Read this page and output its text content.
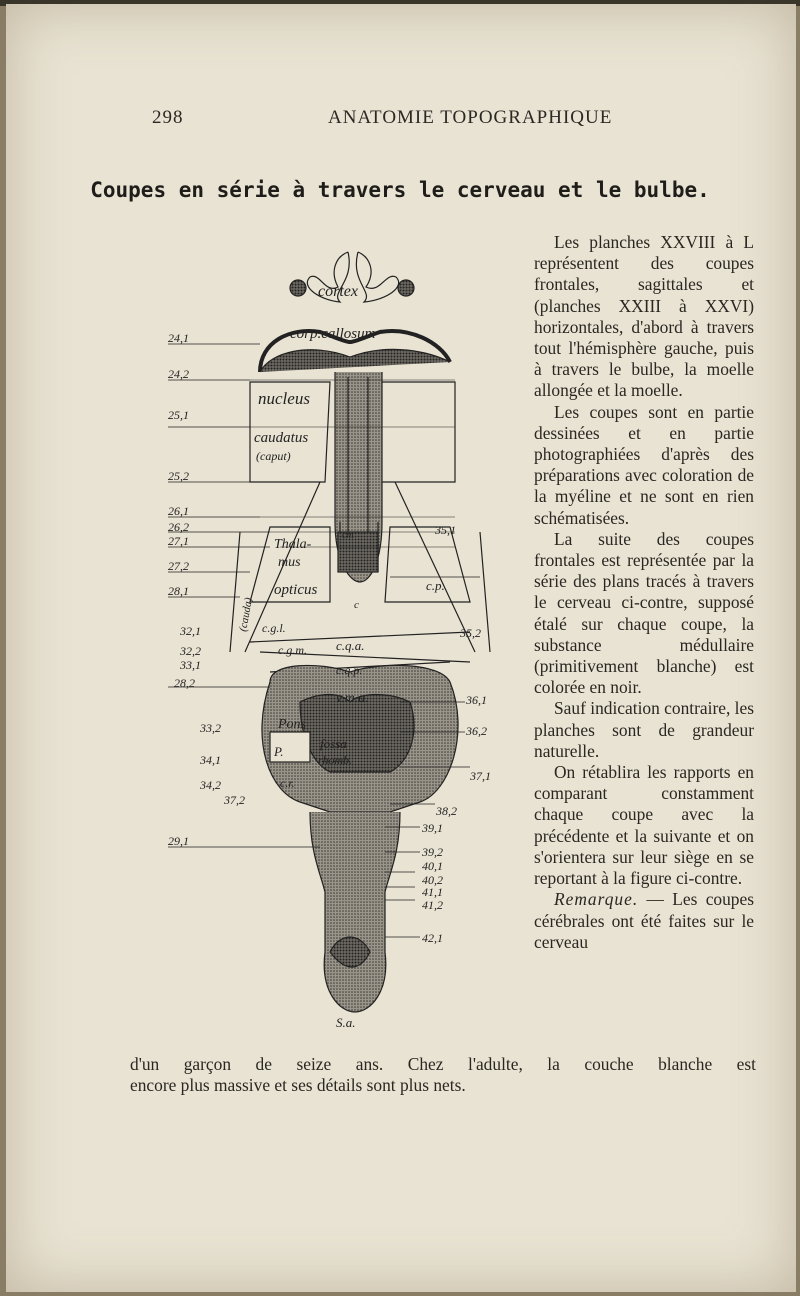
298	ANATOMIE TOPOGRAPHIQUE
Coupes en série à travers le cerveau et le bulbe.
cortex
corp.callosum
nucleus
caudatus
(caput)
Thala-
mus
opticus
(cauda)
c.p.
c.g.l.
c.g.m. c.q.a.
c.q.p.
v.m.a.
Pons
P.
fossa
rhomb.
c.r.
S.a.
c
cm
24,1
24,2
25,1
25,2
26,1
26,2
27,1
27,2
28,1
32,1
32,2
33,1
28,2
33,2
34,1
34,2
37,2
29,1
35,1
35,2
36,1
36,2
37,1
38,2
39,1
39,2
40,1
40,2
41,1
41,2
42,1

Les planches XXVIII à L représentent des coupes frontales, sagittales et (planches XXIII à XXVI) horizontales, d'abord à travers tout l'hémisphère gauche, puis à travers le bulbe, la moelle allongée et la moelle.

Les coupes sont en partie dessinées et en partie photographiées d'après des préparations avec coloration de la myéline et ne sont en rien schématisées.

La suite des coupes frontales est représentée par la série des plans tracés à travers le cerveau ci-contre, supposé étalé sur chaque coupe, la substance médullaire (primitivement blanche) est colorée en noir.

Sauf indication contraire, les planches sont de grandeur naturelle.

On rétablira les rapports en comparant constamment chaque coupe avec la précédente et la suivante et on s'orientera sur leur siège en se reportant à la figure ci-contre.

Remarque. — Les coupes cérébrales ont été faites sur le cerveau

d'un garçon de seize ans. Chez l'adulte, la couche blanche est
encore plus massive et ses détails sont plus nets.
